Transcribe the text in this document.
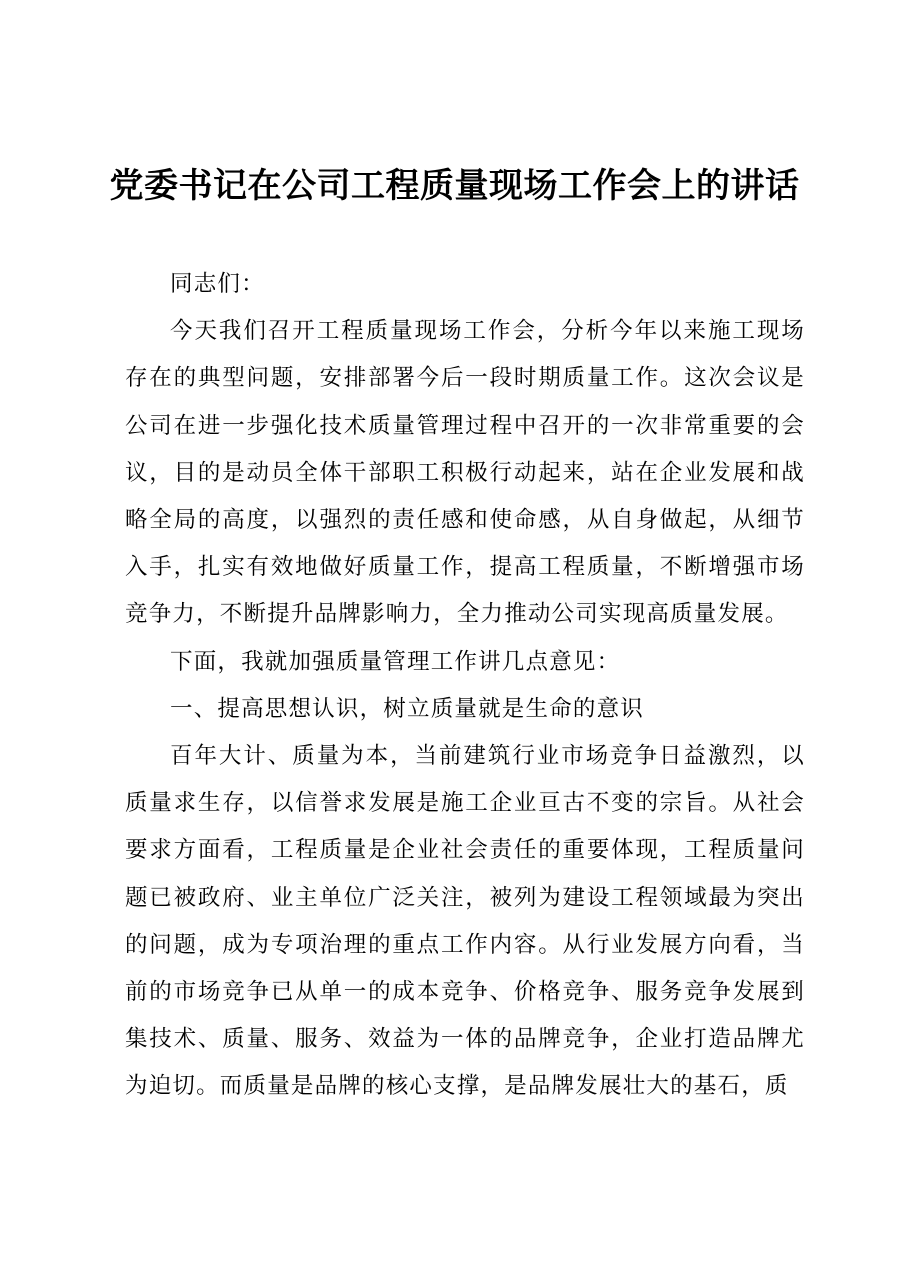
党委书记在公司工程质量现场工作会上的讲话

同志们：

今天我们召开工程质量现场工作会，分析今年以来施工现场存在的典型问题，安排部署今后一段时期质量工作。这次会议是公司在进一步强化技术质量管理过程中召开的一次非常重要的会议，目的是动员全体干部职工积极行动起来，站在企业发展和战略全局的高度，以强烈的责任感和使命感，从自身做起，从细节入手，扎实有效地做好质量工作，提高工程质量，不断增强市场竞争力，不断提升品牌影响力，全力推动公司实现高质量发展。

下面，我就加强质量管理工作讲几点意见：

一、提高思想认识，树立质量就是生命的意识

百年大计、质量为本，当前建筑行业市场竞争日益激烈，以质量求生存，以信誉求发展是施工企业亘古不变的宗旨。从社会要求方面看，工程质量是企业社会责任的重要体现，工程质量问题已被政府、业主单位广泛关注，被列为建设工程领域最为突出的问题，成为专项治理的重点工作内容。从行业发展方向看，当前的市场竞争已从单一的成本竞争、价格竞争、服务竞争发展到集技术、质量、服务、效益为一体的品牌竞争，企业打造品牌尤为迫切。而质量是品牌的核心支撑，是品牌发展壮大的基石，质
